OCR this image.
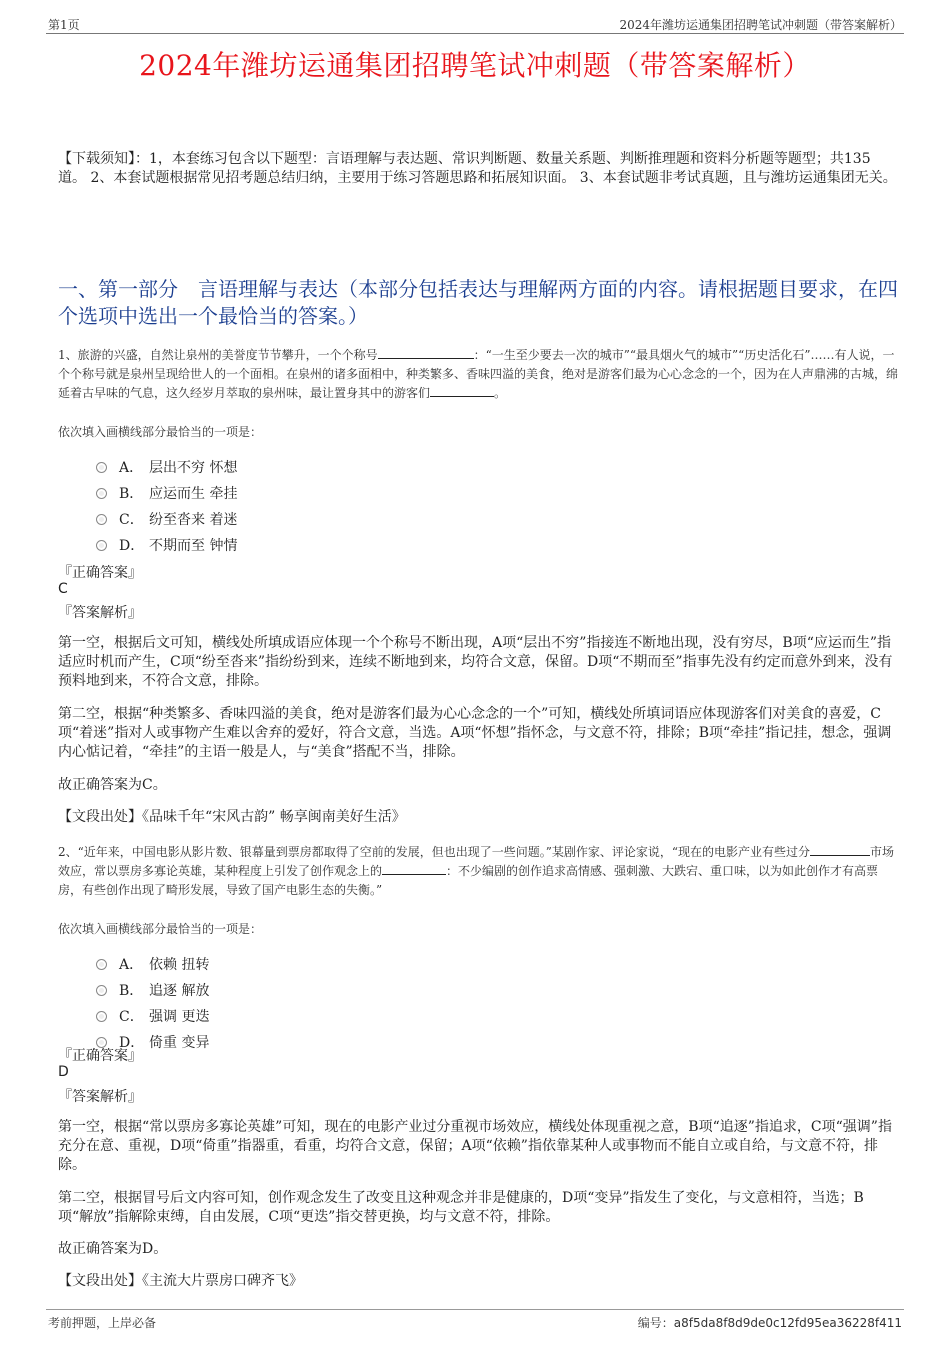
第1页	2024年潍坊运通集团招聘笔试冲刺题（带答案解析）
2024年潍坊运通集团招聘笔试冲刺题（带答案解析）
【下载须知】：1，本套练习包含以下题型：言语理解与表达题、常识判断题、数量关系题、判断推理题和资料分析题等题型；共135道。 2、本套试题根据常见招考题总结归纳，主要用于练习答题思路和拓展知识面。 3、本套试题非考试真题，且与潍坊运通集团无关。
一、第一部分　言语理解与表达（本部分包括表达与理解两方面的内容。请根据题目要求，在四个选项中选出一个最恰当的答案。）
1、旅游的兴盛，自然让泉州的美誉度节节攀升，一个个称号	：“一生至少要去一次的城市”“最具烟火气的城市”“历史活化石”……有人说，一个个称号就是泉州呈现给世人的一个面相。在泉州的诸多面相中，种类繁多、香味四溢的美食，绝对是游客们最为心心念念的一个，因为在人声鼎沸的古城，绵延着古早味的气息，这久经岁月萃取的泉州味，最让置身其中的游客们	。
依次填入画横线部分最恰当的一项是：
A． 层出不穷 怀想
B． 应运而生 牵挂
C． 纷至沓来 着迷
D． 不期而至 钟情
『正确答案』
C
『答案解析』
第一空，根据后文可知，横线处所填成语应体现一个个称号不断出现，A项“层出不穷”指接连不断地出现，没有穷尽，B项“应运而生”指适应时机而产生，C项“纷至沓来”指纷纷到来，连续不断地到来，均符合文意，保留。D项“不期而至”指事先没有约定而意外到来，没有预料地到来，不符合文意，排除。
第二空，根据“种类繁多、香味四溢的美食，绝对是游客们最为心心念念的一个”可知，横线处所填词语应体现游客们对美食的喜爱，C项“着迷”指对人或事物产生难以舍弃的爱好，符合文意，当选。A项“怀想”指怀念，与文意不符，排除；B项“牵挂”指记挂，想念，强调内心惦记着，“牵挂”的主语一般是人，与“美食”搭配不当，排除。
故正确答案为C。
【文段出处】《品味千年“宋风古韵” 畅享闽南美好生活》
2、“近年来，中国电影从影片数、银幕量到票房都取得了空前的发展，但也出现了一些问题。”某剧作家、评论家说，“现在的电影产业有些过分	市场效应，常以票房多寡论英雄，某种程度上引发了创作观念上的	：不少编剧的创作追求高情感、强刺激、大跌宕、重口味，以为如此创作才有高票房，有些创作出现了畸形发展，导致了国产电影生态的失衡。”
依次填入画横线部分最恰当的一项是：
A． 依赖 扭转
B． 追逐 解放
C． 强调 更迭
D． 倚重 变异
『正确答案』
D
『答案解析』
第一空，根据“常以票房多寡论英雄”可知，现在的电影产业过分重视市场效应，横线处体现重视之意，B项“追逐”指追求，C项“强调”指充分在意、重视，D项“倚重”指器重，看重，均符合文意，保留；A项“依赖”指依靠某种人或事物而不能自立或自给，与文意不符，排除。
第二空，根据冒号后文内容可知，创作观念发生了改变且这种观念并非是健康的，D项“变异”指发生了变化，与文意相符，当选；B项“解放”指解除束缚，自由发展，C项“更迭”指交替更换，均与文意不符，排除。
故正确答案为D。
【文段出处】《主流大片票房口碑齐飞》
考前押题，上岸必备	编号：a8f5da8f8d9de0c12fd95ea36228f411
